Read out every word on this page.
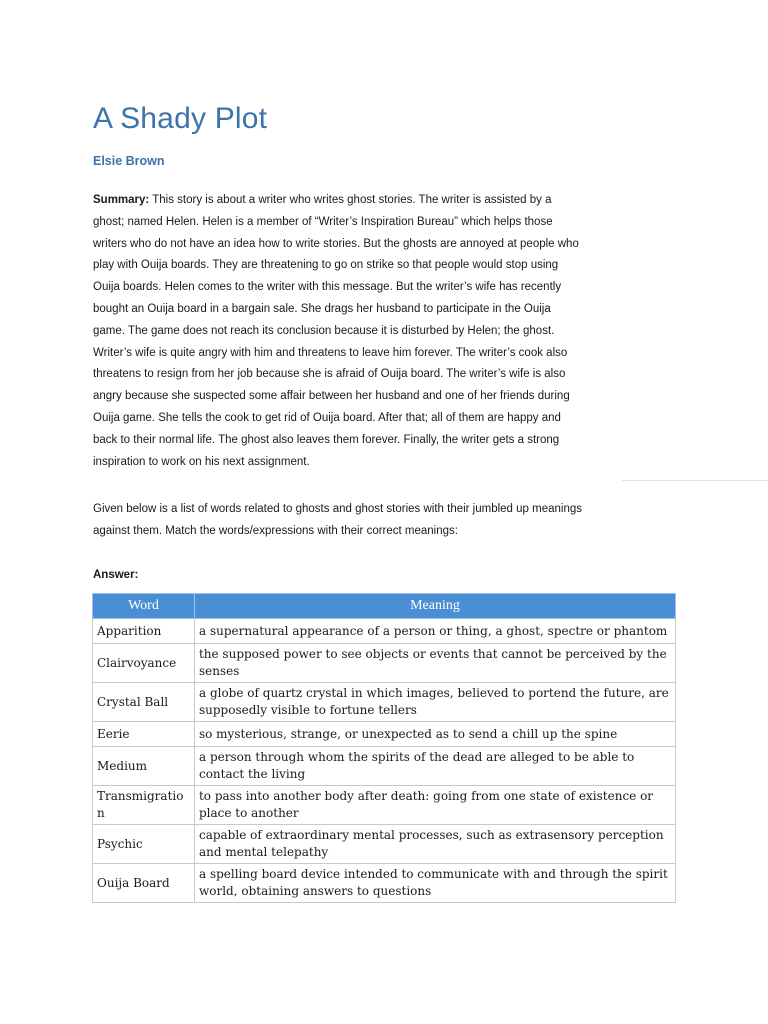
A Shady Plot
Elsie Brown
Summary: This story is about a writer who writes ghost stories. The writer is assisted by a
ghost; named Helen. Helen is a member of “Writer’s Inspiration Bureau” which helps those
writers who do not have an idea how to write stories. But the ghosts are annoyed at people who
play with Ouija boards. They are threatening to go on strike so that people would stop using
Ouija boards. Helen comes to the writer with this message. But the writer’s wife has recently
bought an Ouija board in a bargain sale. She drags her husband to participate in the Ouija
game. The game does not reach its conclusion because it is disturbed by Helen; the ghost.
Writer’s wife is quite angry with him and threatens to leave him forever. The writer’s cook also
threatens to resign from her job because she is afraid of Ouija board. The writer’s wife is also
angry because she suspected some affair between her husband and one of her friends during
Ouija game. She tells the cook to get rid of Ouija board. After that; all of them are happy and
back to their normal life. The ghost also leaves them forever. Finally, the writer gets a strong
inspiration to work on his next assignment.
Given below is a list of words related to ghosts and ghost stories with their jumbled up meanings
against them. Match the words/expressions with their correct meanings:
Answer:
Word	Meaning
Apparition	a supernatural appearance of a person or thing, a ghost, spectre or phantom
Clairvoyance	the supposed power to see objects or events that cannot be perceived by the senses
Crystal Ball	a globe of quartz crystal in which images, believed to portend the future, are supposedly visible to fortune tellers
Eerie	so mysterious, strange, or unexpected as to send a chill up the spine
Medium	a person through whom the spirits of the dead are alleged to be able to contact the living
Transmigratio n	to pass into another body after death: going from one state of existence or place to another
Psychic	capable of extraordinary mental processes, such as extrasensory perception and mental telepathy
Ouija Board	a spelling board device intended to communicate with and through the spirit world, obtaining answers to questions
